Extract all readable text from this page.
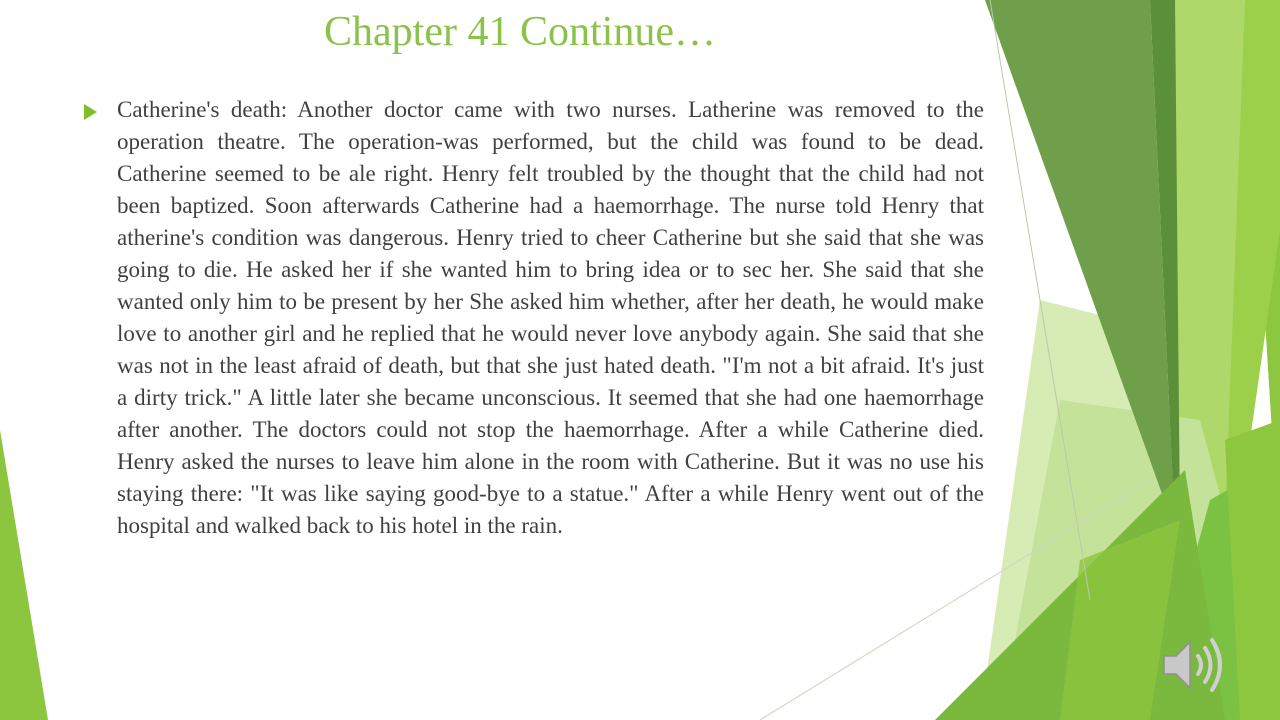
Chapter 41 Continue…

Catherine's death: Another doctor came with two nurses. Latherine was removed to the operation theatre. The operation-was performed, but the child was found to be dead. Catherine seemed to be ale right. Henry felt troubled by the thought that the child had not been baptized. Soon afterwards Catherine had a haemorrhage. The nurse told Henry that atherine's condition was dangerous. Henry tried to cheer Catherine but she said that she was going to die. He asked her if she wanted him to bring idea or to sec her. She said that she wanted only him to be present by her She asked him whether, after her death, he would make love to another girl and he replied that he would never love anybody again. She said that she was not in the least afraid of death, but that she just hated death. "I'm not a bit afraid. It's just a dirty trick." A little later she became unconscious. It seemed that she had one haemorrhage after another. The doctors could not stop the haemorrhage. After a while Catherine died. Henry asked the nurses to leave him alone in the room with Catherine. But it was no use his staying there: "It was like saying good-bye to a statue." After a while Henry went out of the hospital and walked back to his hotel in the rain.
